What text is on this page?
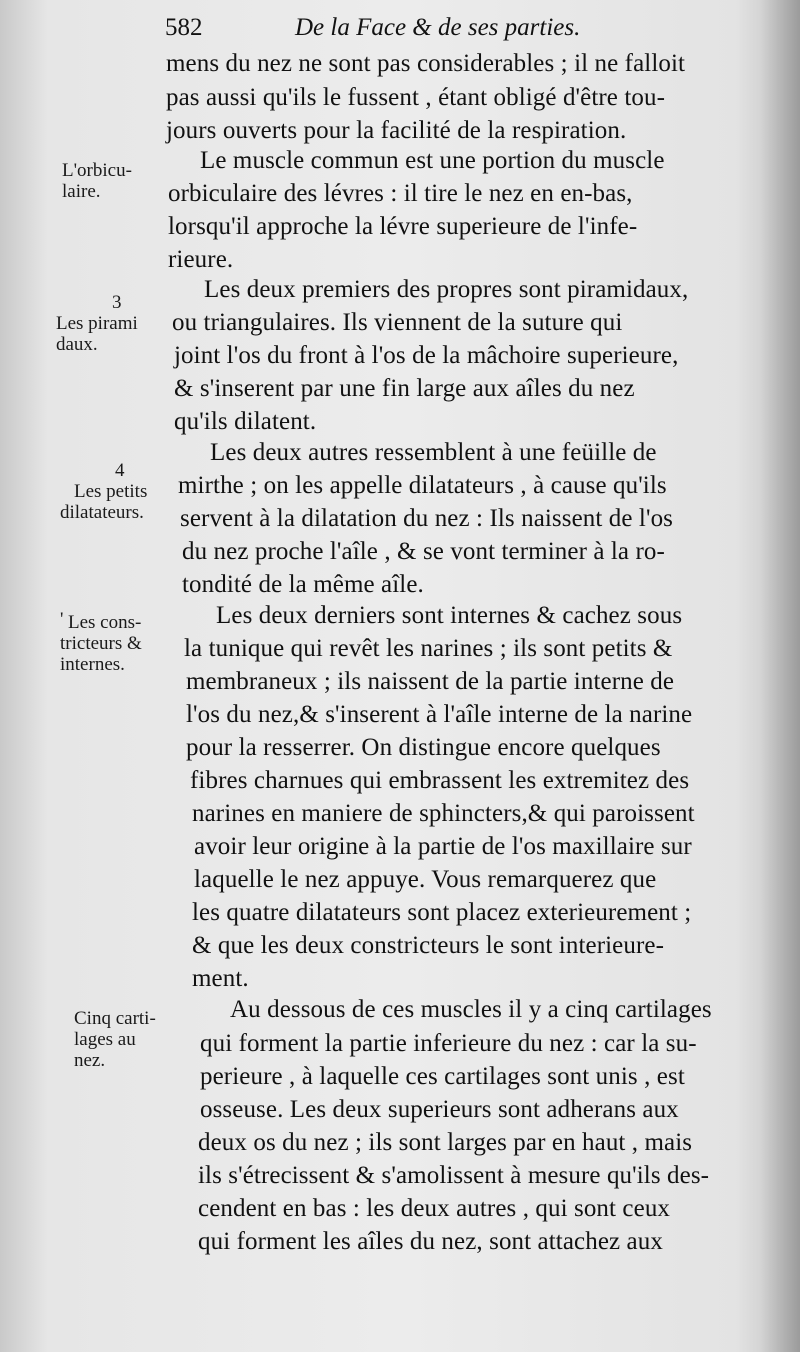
582	De la Face & de ses parties.
L'orbicu-
laire.
3
Les pirami
daux.
4
Les petits
dilatateurs.
' Les cons-
tricteurs &
internes.
Cinq carti-
lages au
nez.
mens du nez ne sont pas considerables ; il ne falloit
pas aussi qu'ils le fussent , étant obligé d'être tou-
jours ouverts pour la facilité de la respiration.
Le muscle commun est une portion du muscle
orbiculaire des lévres : il tire le nez en en-bas,
lorsqu'il approche la lévre superieure de l'infe-
rieure.
Les deux premiers des propres sont piramidaux,
ou triangulaires. Ils viennent de la suture qui
joint l'os du front à l'os de la mâchoire superieure,
& s'inserent par une fin large aux aîles du nez
qu'ils dilatent.
Les deux autres ressemblent à une feüille de
mirthe ; on les appelle dilatateurs , à cause qu'ils
servent à la dilatation du nez : Ils naissent de l'os
du nez proche l'aîle , & se vont terminer à la ro-
tondité de la même aîle.
Les deux derniers sont internes & cachez sous
la tunique qui revêt les narines ; ils sont petits &
membraneux ; ils naissent de la partie interne de
l'os du nez,& s'inserent à l'aîle interne de la narine
pour la resserrer. On distingue encore quelques
fibres charnues qui embrassent les extremitez des
narines en maniere de sphincters,& qui paroissent
avoir leur origine à la partie de l'os maxillaire sur
laquelle le nez appuye. Vous remarquerez que
les quatre dilatateurs sont placez exterieurement ;
& que les deux constricteurs le sont interieure-
ment.
Au dessous de ces muscles il y a cinq cartilages
qui forment la partie inferieure du nez : car la su-
perieure , à laquelle ces cartilages sont unis , est
osseuse. Les deux superieurs sont adherans aux
deux os du nez ; ils sont larges par en haut , mais
ils s'étrecissent & s'amolissent à mesure qu'ils des-
cendent en bas : les deux autres , qui sont ceux
qui forment les aîles du nez, sont attachez aux
